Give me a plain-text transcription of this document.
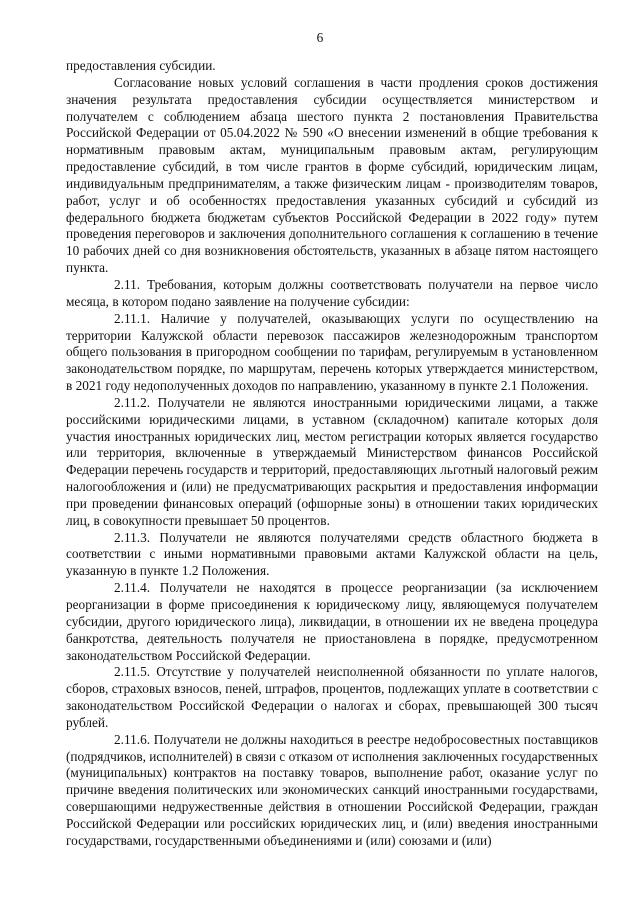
6

предоставления субсидии.

Согласование новых условий соглашения в части продления сроков достижения значения результата предоставления субсидии осуществляется министерством и получателем с соблюдением абзаца шестого пункта 2 постановления Правительства Российской Федерации от 05.04.2022 № 590 «О внесении изменений в общие требования к нормативным правовым актам, муниципальным правовым актам, регулирующим предоставление субсидий, в том числе грантов в форме субсидий, юридическим лицам, индивидуальным предпринимателям, а также физическим лицам - производителям товаров, работ, услуг и об особенностях предоставления указанных субсидий и субсидий из федерального бюджета бюджетам субъектов Российской Федерации в 2022 году» путем проведения переговоров и заключения дополнительного соглашения к соглашению в течение 10 рабочих дней со дня возникновения обстоятельств, указанных в абзаце пятом настоящего пункта.

2.11. Требования, которым должны соответствовать получатели на первое число месяца, в котором подано заявление на получение субсидии:

2.11.1. Наличие у получателей, оказывающих услуги по осуществлению на территории Калужской области перевозок пассажиров железнодорожным транспортом общего пользования в пригородном сообщении по тарифам, регулируемым в установленном законодательством порядке, по маршрутам, перечень которых утверждается министерством, в 2021 году недополученных доходов по направлению, указанному в пункте 2.1 Положения.

2.11.2. Получатели не являются иностранными юридическими лицами, а также российскими юридическими лицами, в уставном (складочном) капитале которых доля участия иностранных юридических лиц, местом регистрации которых является государство или территория, включенные в утверждаемый Министерством финансов Российской Федерации перечень государств и территорий, предоставляющих льготный налоговый режим налогообложения и (или) не предусматривающих раскрытия и предоставления информации при проведении финансовых операций (офшорные зоны) в отношении таких юридических лиц, в совокупности превышает 50 процентов.

2.11.3. Получатели не являются получателями средств областного бюджета в соответствии с иными нормативными правовыми актами Калужской области на цель, указанную в пункте 1.2 Положения.

2.11.4. Получатели не находятся в процессе реорганизации (за исключением реорганизации в форме присоединения к юридическому лицу, являющемуся получателем субсидии, другого юридического лица), ликвидации, в отношении их не введена процедура банкротства, деятельность получателя не приостановлена в порядке, предусмотренном законодательством Российской Федерации.

2.11.5. Отсутствие у получателей неисполненной обязанности по уплате налогов, сборов, страховых взносов, пеней, штрафов, процентов, подлежащих уплате в соответствии с законодательством Российской Федерации о налогах и сборах, превышающей 300 тысяч рублей.

2.11.6. Получатели не должны находиться в реестре недобросовестных поставщиков (подрядчиков, исполнителей) в связи с отказом от исполнения заключенных государственных (муниципальных) контрактов на поставку товаров, выполнение работ, оказание услуг по причине введения политических или экономических санкций иностранными государствами, совершающими недружественные действия в отношении Российской Федерации, граждан Российской Федерации или российских юридических лиц, и (или) введения иностранными государствами, государственными объединениями и (или) союзами и (или)
